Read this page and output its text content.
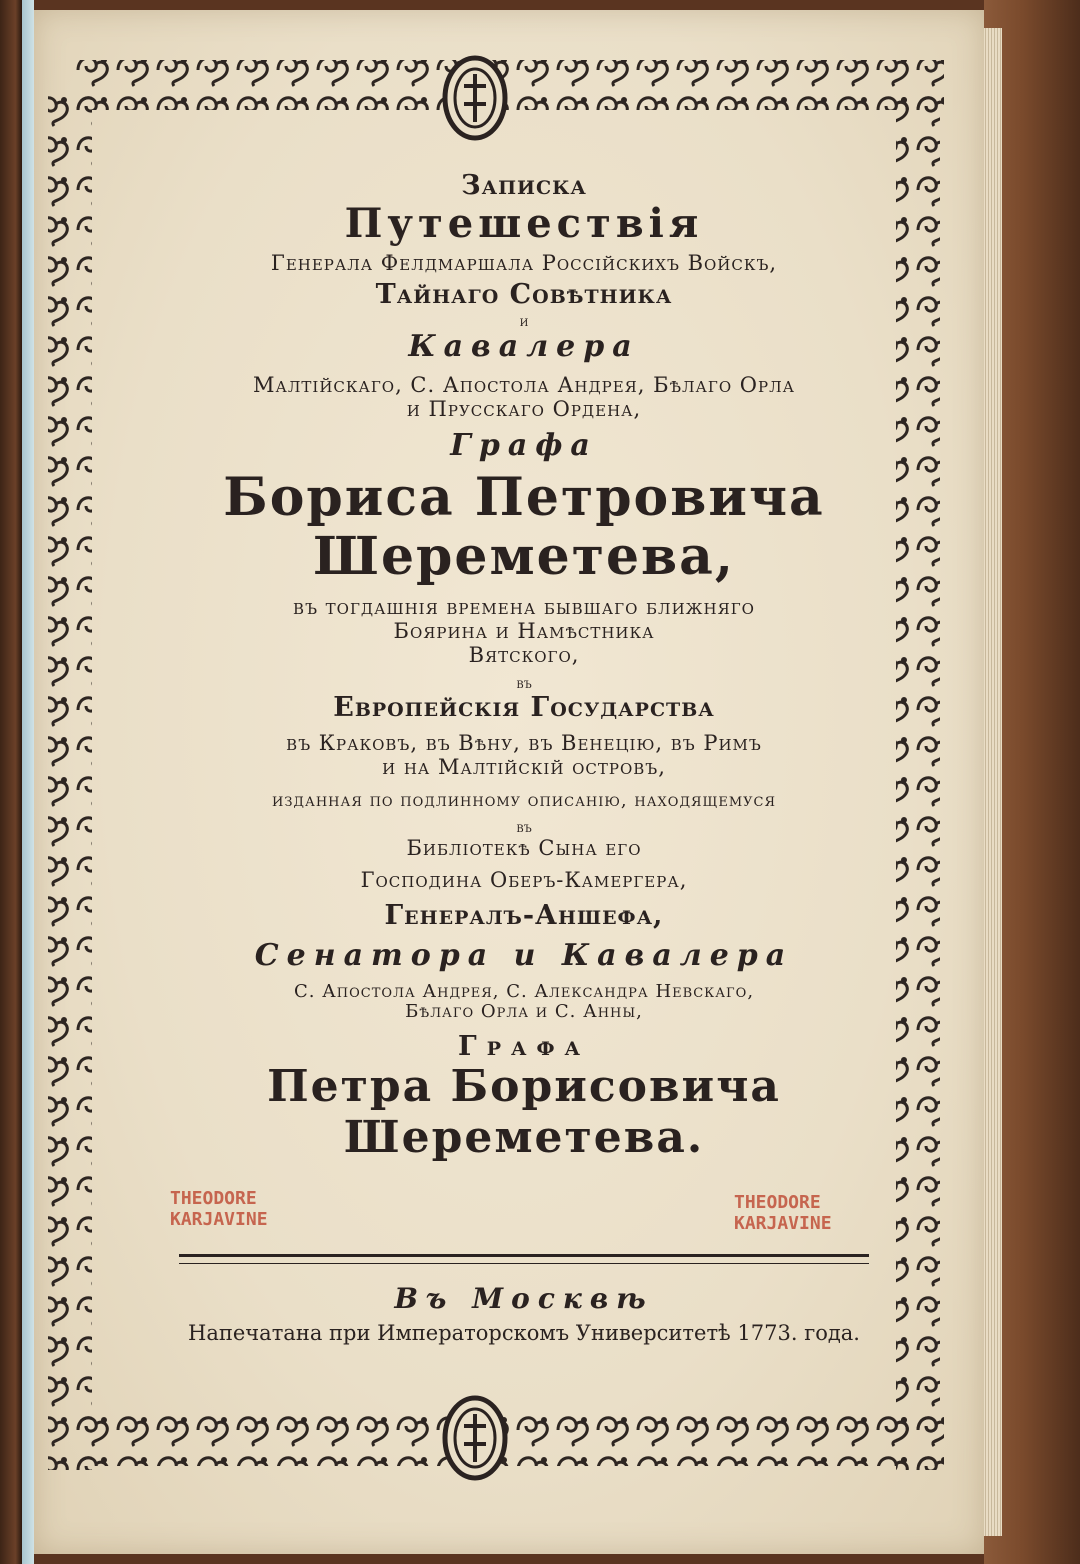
Записка
Путешествія
Генерала Фелдмаршала Россійскихъ Войскъ,
Тайнаго Совѣтника
и
Кавалера
Малтійскаго, С. Апостола Андрея, Бѣлаго Орла
и Прусскаго Ордена,
Графа
Бориса Петровича
Шереметева,
въ тогдашнія времена бывшаго ближняго
Боярина и Намѣстника
Вятского,
въ
Европейскія Государства
въ Краковъ, въ Вѣну, въ Венецію, въ Римъ
и на Малтійскій островъ,
изданная по подлинному описанію, находящемуся
въ
Библіотекѣ Сына его
Господина Оберъ-Камергера,
Генералъ-Аншефа,
Сенатора и Кавалера
С. Апостола Андрея, С. Александра Невскаго,
Бѣлаго Орла и С. Анны,
Графа
Петра Борисовича
Шереметева.
THEODORE
KARJAVINE
THEODORE
KARJAVINE
Въ Москвѣ
Напечатана при Императорскомъ Университетѣ 1773. года.
